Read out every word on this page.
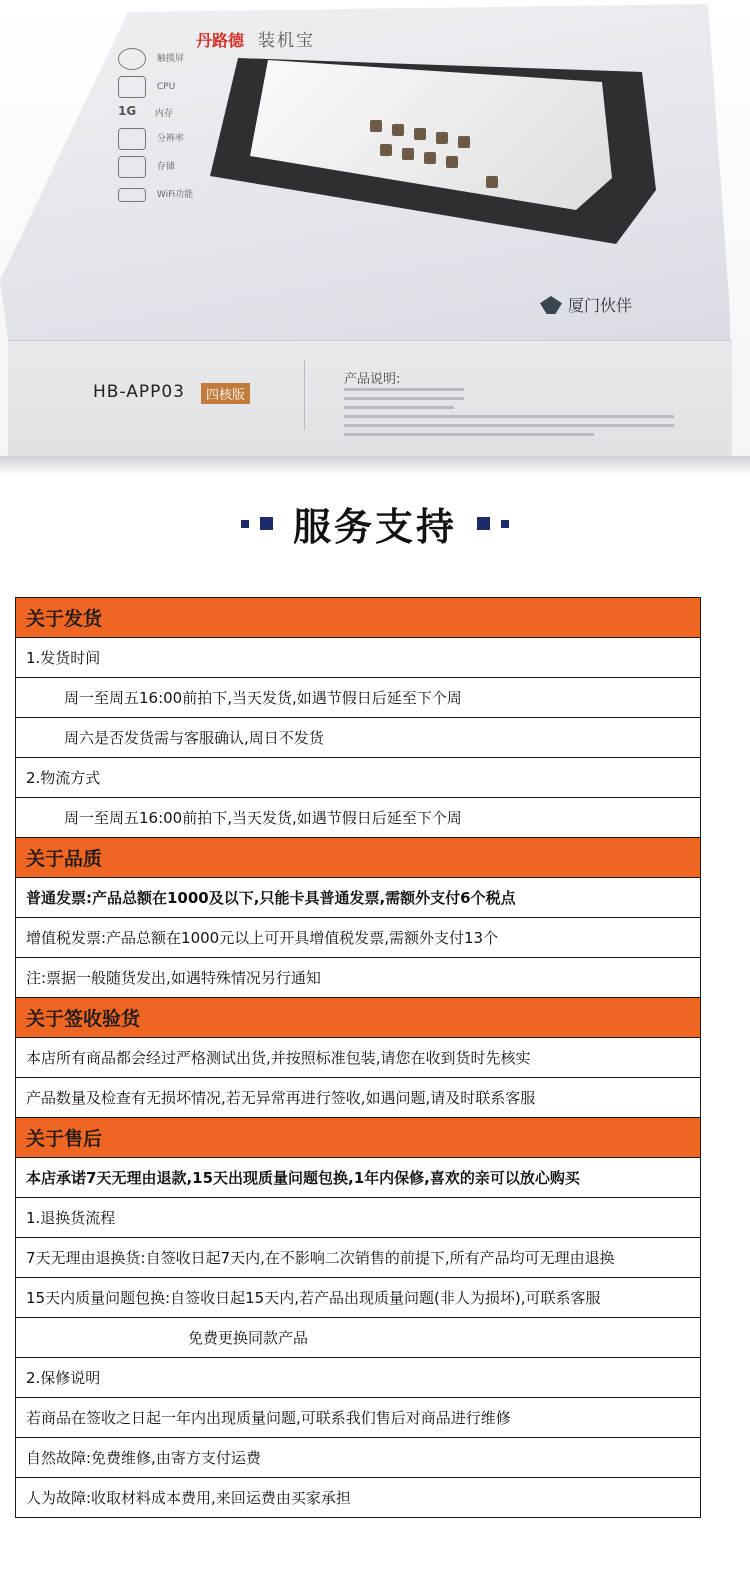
丹路德 装机宝
触摸屏
CPU
1G 内存
分辨率
存储
WiFi功能
厦门伙伴
HB-APP03	四核版
产品说明:
服务支持
关于发货
1.发货时间
周一至周五16:00前拍下,当天发货,如遇节假日后延至下个周
周六是否发货需与客服确认,周日不发货
2.物流方式
周一至周五16:00前拍下,当天发货,如遇节假日后延至下个周
关于品质
普通发票:产品总额在1000及以下,只能卡具普通发票,需额外支付6个税点
增值税发票:产品总额在1000元以上可开具增值税发票,需额外支付13个
注:票据一般随货发出,如遇特殊情况另行通知
关于签收验货
本店所有商品都会经过严格测试出货,并按照标准包装,请您在收到货时先核实
产品数量及检查有无损坏情况,若无异常再进行签收,如遇问题,请及时联系客服
关于售后
本店承诺7天无理由退款,15天出现质量问题包换,1年内保修,喜欢的亲可以放心购买
1.退换货流程
7天无理由退换货:自签收日起7天内,在不影响二次销售的前提下,所有产品均可无理由退换
15天内质量问题包换:自签收日起15天内,若产品出现质量问题(非人为损坏),可联系客服
免费更换同款产品
2.保修说明
若商品在签收之日起一年内出现质量问题,可联系我们售后对商品进行维修
自然故障:免费维修,由寄方支付运费
人为故障:收取材料成本费用,来回运费由买家承担
